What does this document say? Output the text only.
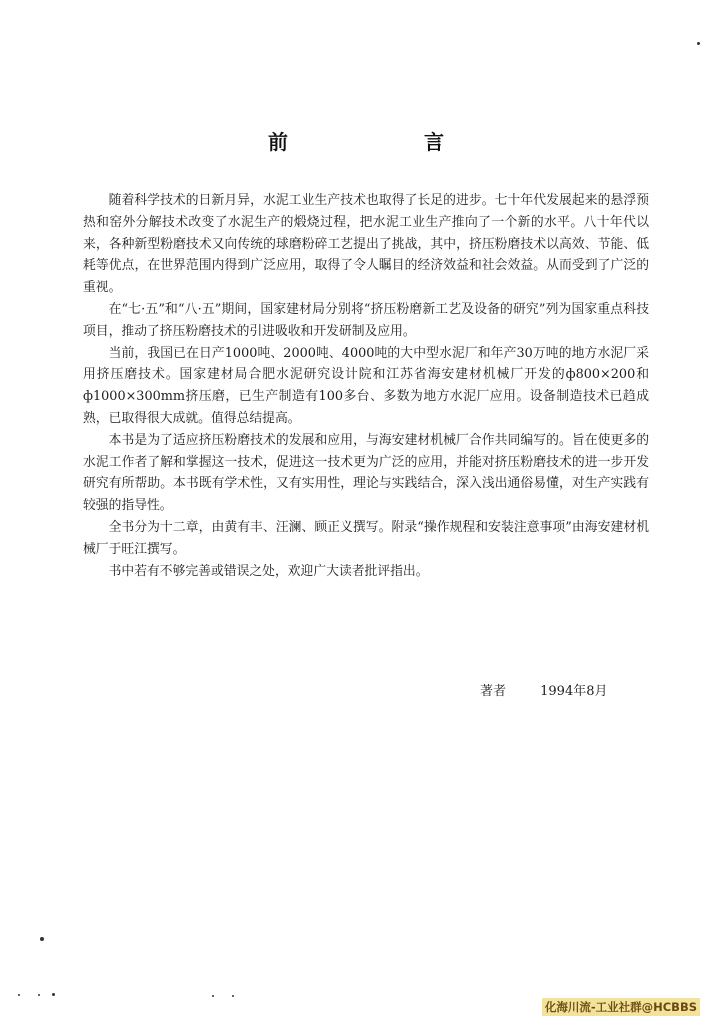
前　言

随着科学技术的日新月异，水泥工业生产技术也取得了长足的进步。七十年代发展起来的悬浮预热和窑外分解技术改变了水泥生产的煅烧过程，把水泥工业生产推向了一个新的水平。八十年代以来，各种新型粉磨技术又向传统的球磨粉碎工艺提出了挑战，其中，挤压粉磨技术以高效、节能、低耗等优点，在世界范围内得到广泛应用，取得了令人瞩目的经济效益和社会效益。从而受到了广泛的重视。

在“七·五”和“八·五”期间，国家建材局分别将“挤压粉磨新工艺及设备的研究”列为国家重点科技项目，推动了挤压粉磨技术的引进吸收和开发研制及应用。

当前，我国已在日产1000吨、2000吨、4000吨的大中型水泥厂和年产30万吨的地方水泥厂采用挤压磨技术。国家建材局合肥水泥研究设计院和江苏省海安建材机械厂开发的ф800×200和ф1000×300mm挤压磨，已生产制造有100多台、多数为地方水泥厂应用。设备制造技术已趋成熟，已取得很大成就。值得总结提高。

本书是为了适应挤压粉磨技术的发展和应用，与海安建材机械厂合作共同编写的。旨在使更多的水泥工作者了解和掌握这一技术，促进这一技术更为广泛的应用，并能对挤压粉磨技术的进一步开发研究有所帮助。本书既有学术性，又有实用性，理论与实践结合，深入浅出通俗易懂，对生产实践有较强的指导性。

全书分为十二章，由黄有丰、汪澜、顾正义撰写。附录“操作规程和安装注意事项”由海安建材机械厂于旺江撰写。

书中若有不够完善或错误之处，欢迎广大读者批评指出。

著者	1994年8月
化海川流-工业社群@HCBBS
